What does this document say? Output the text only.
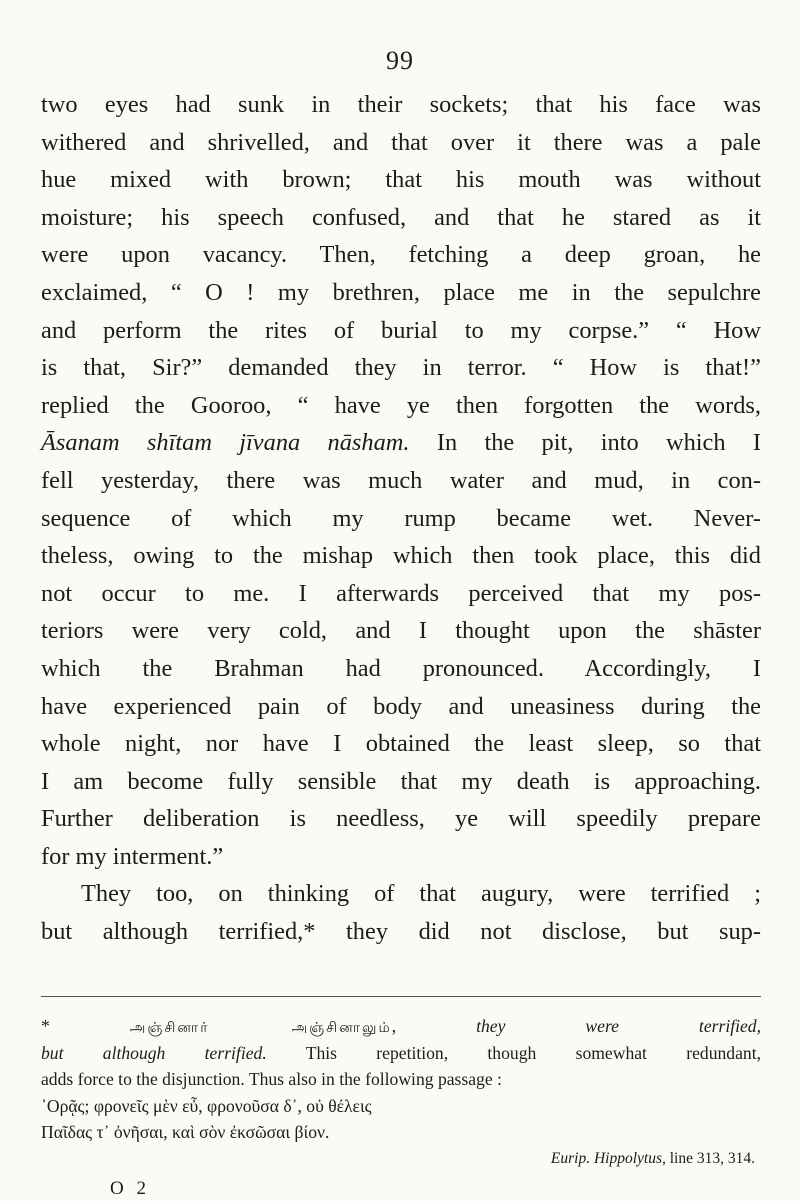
99
two eyes had sunk in their sockets; that his face was
withered and shrivelled, and that over it there was a pale
hue mixed with brown; that his mouth was without
moisture; his speech confused, and that he stared as it
were upon vacancy. Then, fetching a deep groan, he
exclaimed, “ O ! my brethren, place me in the sepulchre
and perform the rites of burial to my corpse.” “ How
is that, Sir?” demanded they in terror. “ How is that!”
replied the Gooroo, “ have ye then forgotten the words,
Āsanam shītam jīvana nāsham. In the pit, into which I
fell yesterday, there was much water and mud, in con-
sequence of which my rump became wet. Never-
theless, owing to the mishap which then took place, this did
not occur to me. I afterwards perceived that my pos-
teriors were very cold, and I thought upon the shāster
which the Brahman had pronounced. Accordingly, I
have experienced pain of body and uneasiness during the
whole night, nor have I obtained the least sleep, so that
I am become fully sensible that my death is approaching.
Further deliberation is needless, ye will speedily prepare
for my interment.”
They too, on thinking of that augury, were terrified ;
but although terrified,* they did not disclose, but sup-
*	அஞ்சினார் அஞ்சினாலும், they were terrified,
but although terrified. This repetition, though somewhat redundant,
adds force to the disjunction. Thus also in the following passage :
᾽Ορᾷς; φρονεῖς μὲν εὖ, φρονοῦσα δ᾽, οὐ θέλεις
Παῖδας τ᾽ ὀνῆσαι, καὶ σὸν ἐκσῶσαι βίον.
Eurip. Hippolytus, line 313, 314.
O 2
